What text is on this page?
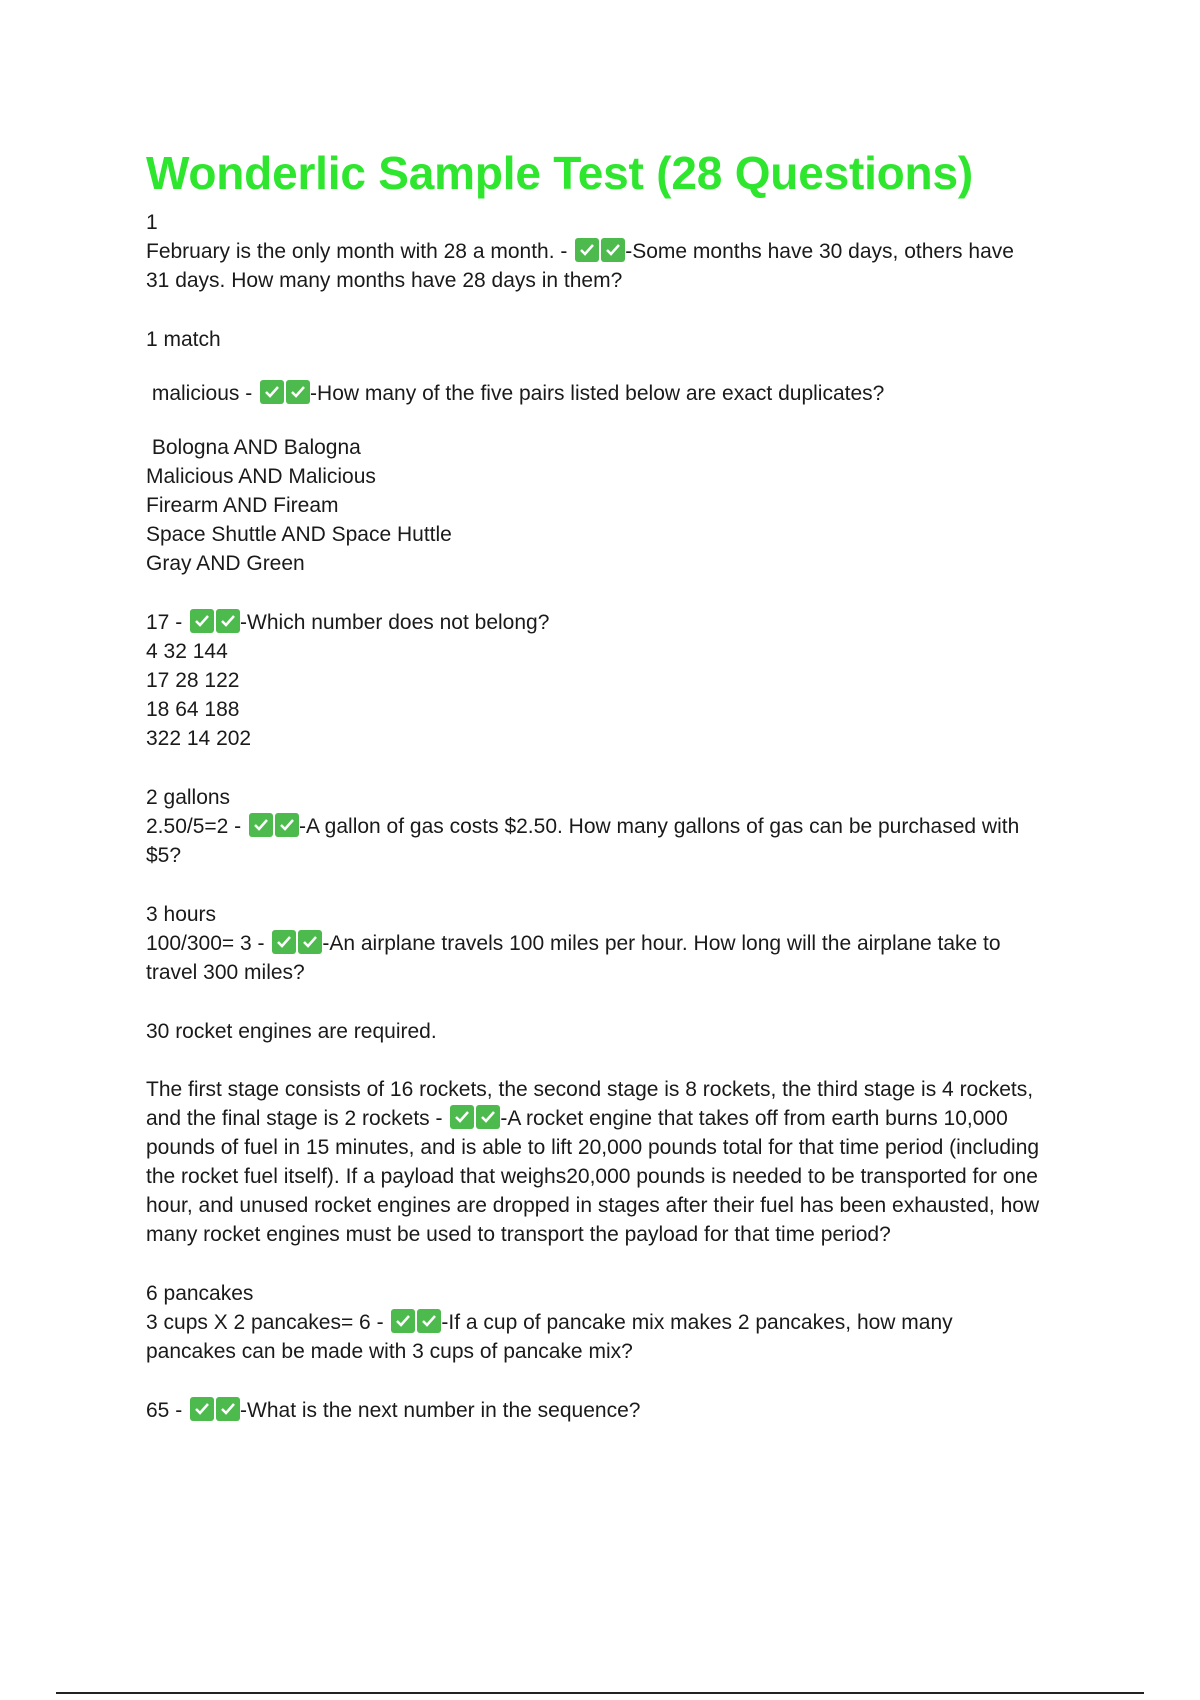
Wonderlic Sample Test (28 Questions)

1

February is the only month with 28 a month. -	-Some months have 30 days, others have

31 days. How many months have 28 days in them?

1 match

malicious -	-How many of the five pairs listed below are exact duplicates?

Bologna AND Balogna

Malicious AND Malicious

Firearm AND Fiream

Space Shuttle AND Space Huttle

Gray AND Green

17 -	-Which number does not belong?

4 32 144

17 28 122

18 64 188

322 14 202

2 gallons

2.50/5=2 -	-A gallon of gas costs $2.50. How many gallons of gas can be purchased with

$5?

3 hours

100/300= 3 -	-An airplane travels 100 miles per hour. How long will the airplane take to

travel 300 miles?

30 rocket engines are required.

The first stage consists of 16 rockets, the second stage is 8 rockets, the third stage is 4 rockets,

and the final stage is 2 rockets -	-A rocket engine that takes off from earth burns 10,000

pounds of fuel in 15 minutes, and is able to lift 20,000 pounds total for that time period (including

the rocket fuel itself). If a payload that weighs20,000 pounds is needed to be transported for one

hour, and unused rocket engines are dropped in stages after their fuel has been exhausted, how

many rocket engines must be used to transport the payload for that time period?

6 pancakes

3 cups X 2 pancakes= 6 -	-If a cup of pancake mix makes 2 pancakes, how many

pancakes can be made with 3 cups of pancake mix?

65 -	-What is the next number in the sequence?
